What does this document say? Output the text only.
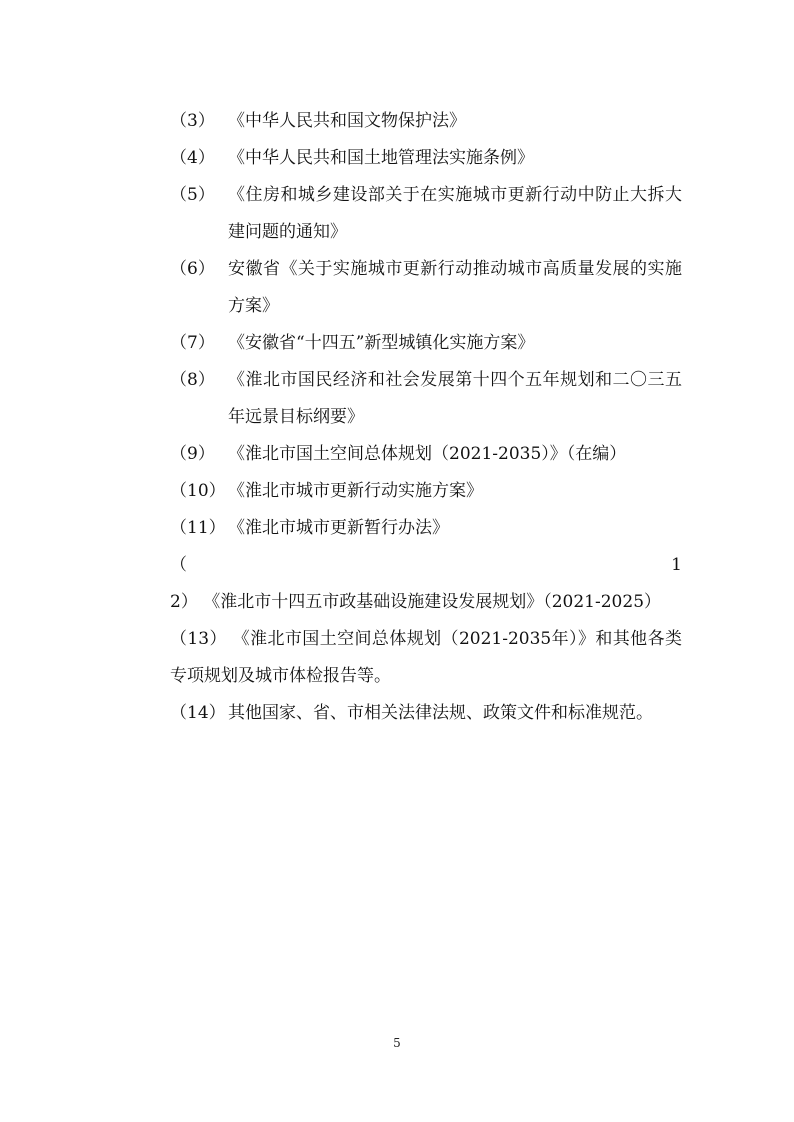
（3） 《中华人民共和国文物保护法》
（4） 《中华人民共和国土地管理法实施条例》
（5） 《住房和城乡建设部关于在实施城市更新行动中防止大拆大建问题的通知》
（6） 安徽省《关于实施城市更新行动推动城市高质量发展的实施方案》
（7） 《安徽省“十四五”新型城镇化实施方案》
（8） 《淮北市国民经济和社会发展第十四个五年规划和二〇三五年远景目标纲要》
（9） 《淮北市国土空间总体规划（2021-2035）》（在编）
（10） 《淮北市城市更新行动实施方案》
（11） 《淮北市城市更新暂行办法》
（12） 《淮北市十四五市政基础设施建设发展规划》（2021-2025）
（13） 《淮北市国土空间总体规划（2021-2035年）》和其他各类专项规划及城市体检报告等。
（14） 其他国家、省、市相关法律法规、政策文件和标准规范。
5
